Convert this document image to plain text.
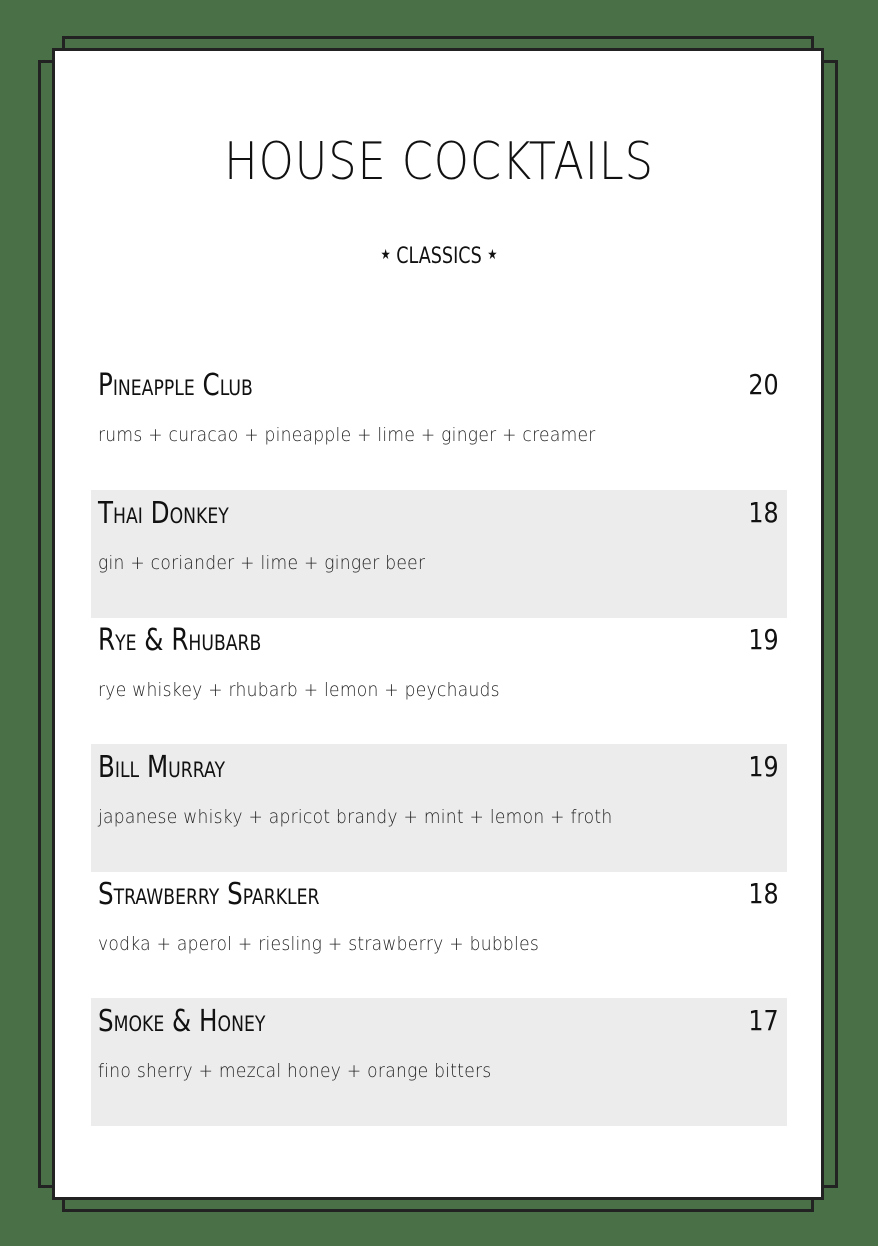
HOUSE COCKTAILS
★ CLASSICS ★
Pineapple Club	20
rums + curacao + pineapple + lime + ginger + creamer
Thai Donkey	18
gin + coriander + lime + ginger beer
Rye & Rhubarb	19
rye whiskey + rhubarb + lemon + peychauds
Bill Murray	19
japanese whisky + apricot brandy + mint + lemon + froth
Strawberry Sparkler	18
vodka + aperol + riesling + strawberry + bubbles
Smoke & Honey	17
fino sherry + mezcal honey + orange bitters
